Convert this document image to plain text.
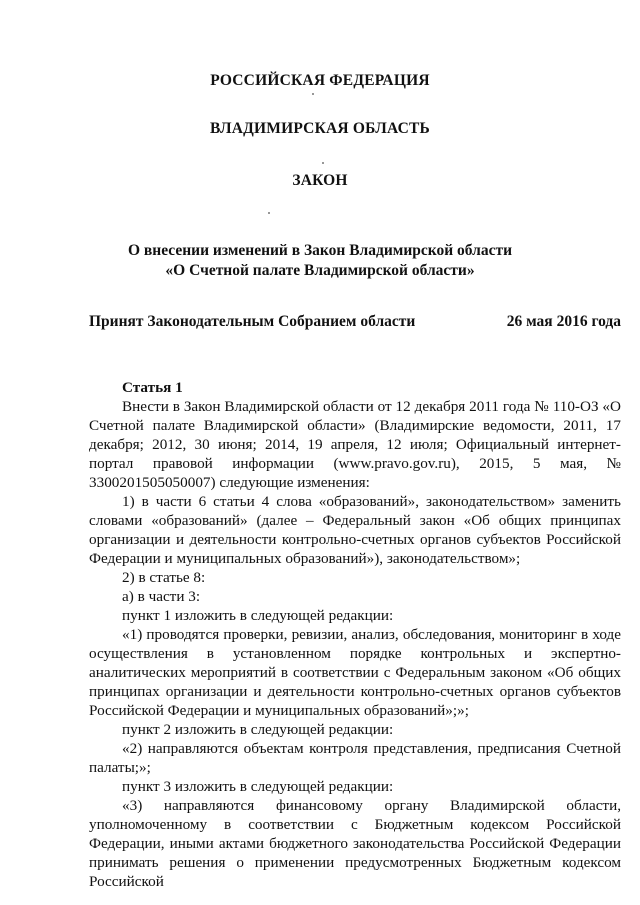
РОССИЙСКАЯ ФЕДЕРАЦИЯ
ВЛАДИМИРСКАЯ ОБЛАСТЬ
ЗАКОН
О внесении изменений в Закон Владимирской области
«О Счетной палате Владимирской области»
Принят Законодательным Собранием области	26 мая 2016 года

Статья 1

Внести в Закон Владимирской области от 12 декабря 2011 года № 110-ОЗ «О Счетной палате Владимирской области» (Владимирские ведомости, 2011, 17 декабря; 2012, 30 июня; 2014, 19 апреля, 12 июля; Официальный интернет-портал правовой информации (www.pravo.gov.ru), 2015, 5 мая, № 3300201505050007) следующие изменения:

1) в части 6 статьи 4 слова «образований», законодательством» заменить словами «образований» (далее – Федеральный закон «Об общих принципах организации и деятельности контрольно-счетных органов субъектов Российской Федерации и муниципальных образований»), законодательством»;

2) в статье 8:

а) в части 3:

пункт 1 изложить в следующей редакции:

«1) проводятся проверки, ревизии, анализ, обследования, мониторинг в ходе осуществления в установленном порядке контрольных и экспертно-аналитических мероприятий в соответствии с Федеральным законом «Об общих принципах организации и деятельности контрольно-счетных органов субъектов Российской Федерации и муниципальных образований»;»;

пункт 2 изложить в следующей редакции:

«2) направляются объектам контроля представления, предписания Счетной палаты;»;

пункт 3 изложить в следующей редакции:

«3) направляются финансовому органу Владимирской области, уполномоченному в соответствии с Бюджетным кодексом Российской Федерации, иными актами бюджетного законодательства Российской Федерации принимать решения о применении предусмотренных Бюджетным кодексом Российской
